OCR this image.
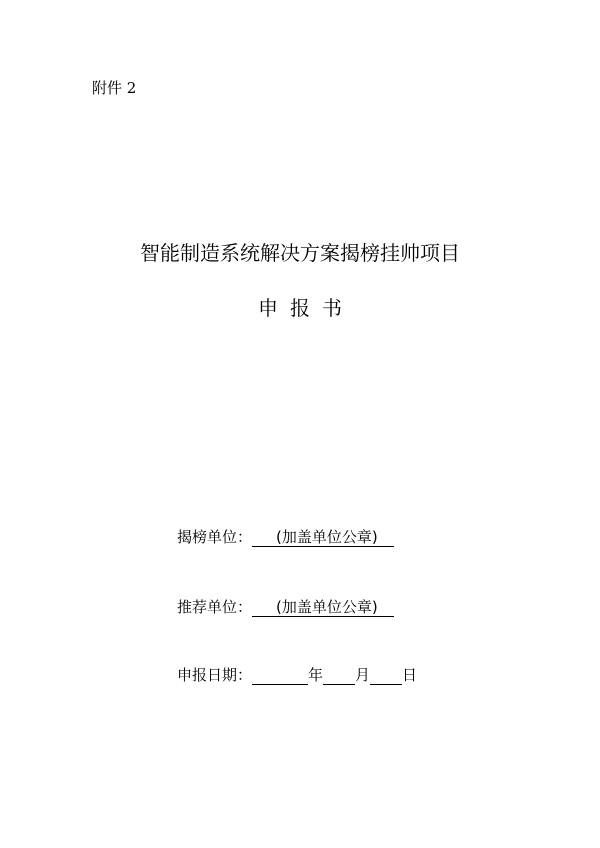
附件 2
智能制造系统解决方案揭榜挂帅项目
申报书
揭榜单位： (加盖单位公章)
推荐单位： (加盖单位公章)
申报日期：	年 月 日
